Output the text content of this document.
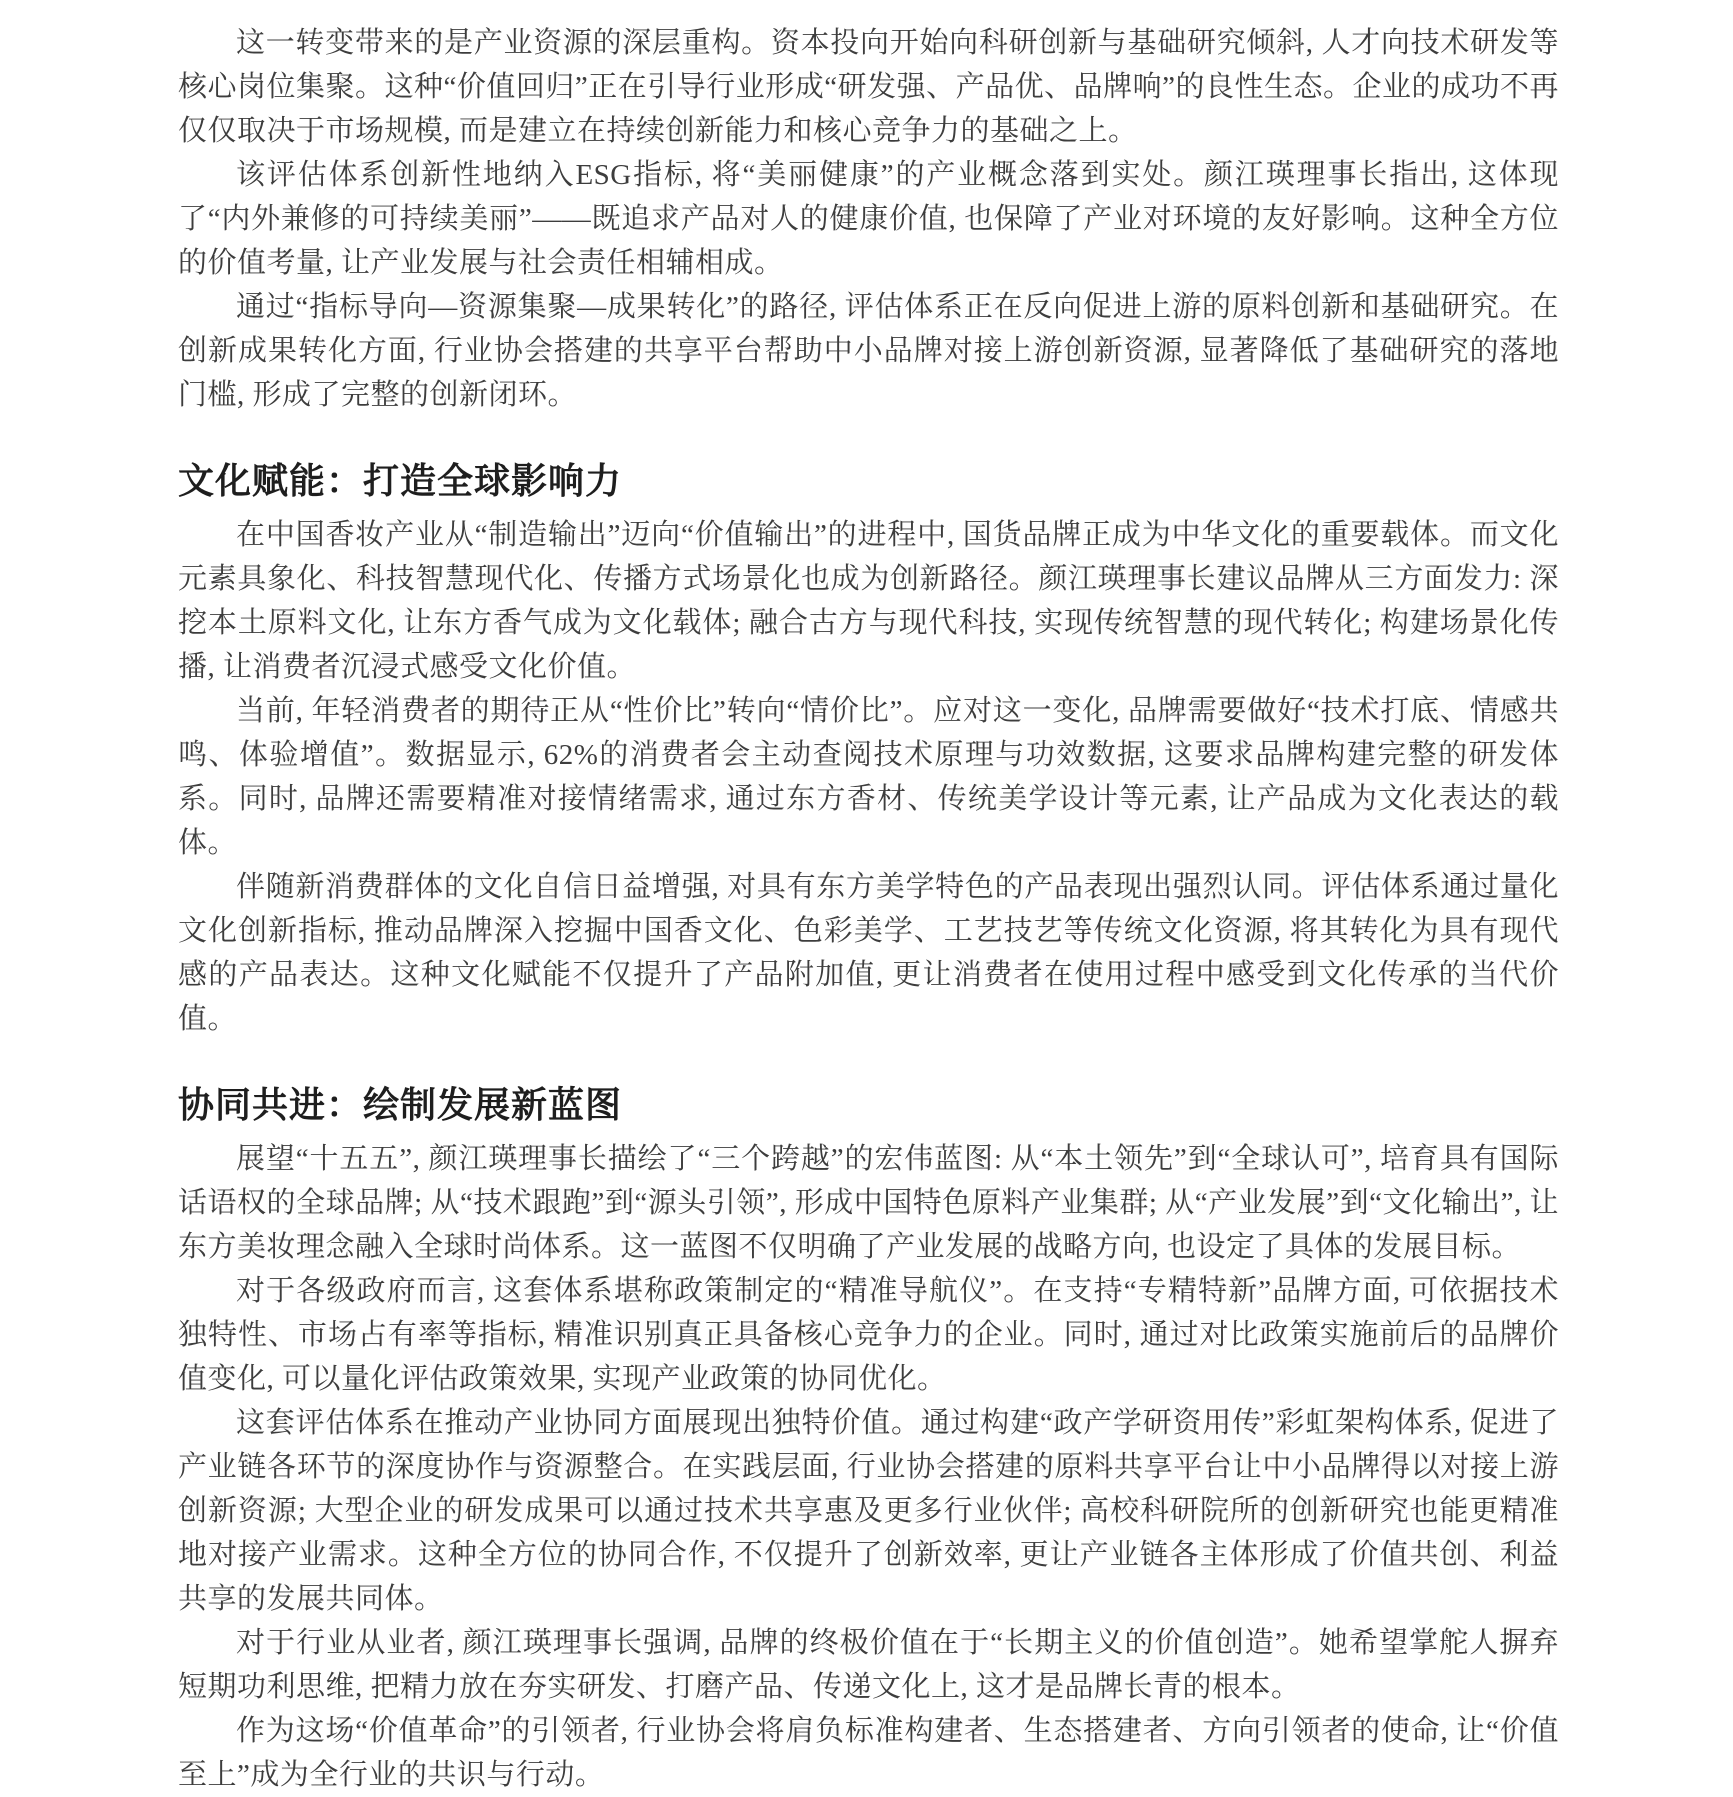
这一转变带来的是产业资源的深层重构。资本投向开始向科研创新与基础研究倾斜, 人才向技术研发等核心岗位集聚。这种“价值回归”正在引导行业形成“研发强、产品优、品牌响”的良性生态。企业的成功不再仅仅取决于市场规模, 而是建立在持续创新能力和核心竞争力的基础之上。

该评估体系创新性地纳入ESG指标, 将“美丽健康”的产业概念落到实处。颜江瑛理事长指出, 这体现了“内外兼修的可持续美丽”——既追求产品对人的健康价值, 也保障了产业对环境的友好影响。这种全方位的价值考量, 让产业发展与社会责任相辅相成。

通过“指标导向—资源集聚—成果转化”的路径, 评估体系正在反向促进上游的原料创新和基础研究。在创新成果转化方面, 行业协会搭建的共享平台帮助中小品牌对接上游创新资源, 显著降低了基础研究的落地门槛, 形成了完整的创新闭环。

文化赋能：打造全球影响力

在中国香妆产业从“制造输出”迈向“价值输出”的进程中, 国货品牌正成为中华文化的重要载体。而文化元素具象化、科技智慧现代化、传播方式场景化也成为创新路径。颜江瑛理事长建议品牌从三方面发力: 深挖本土原料文化, 让东方香气成为文化载体; 融合古方与现代科技, 实现传统智慧的现代转化; 构建场景化传播, 让消费者沉浸式感受文化价值。

当前, 年轻消费者的期待正从“性价比”转向“情价比”。应对这一变化, 品牌需要做好“技术打底、情感共鸣、体验增值”。数据显示, 62%的消费者会主动查阅技术原理与功效数据, 这要求品牌构建完整的研发体系。同时, 品牌还需要精准对接情绪需求, 通过东方香材、传统美学设计等元素, 让产品成为文化表达的载体。

伴随新消费群体的文化自信日益增强, 对具有东方美学特色的产品表现出强烈认同。评估体系通过量化文化创新指标, 推动品牌深入挖掘中国香文化、色彩美学、工艺技艺等传统文化资源, 将其转化为具有现代感的产品表达。这种文化赋能不仅提升了产品附加值, 更让消费者在使用过程中感受到文化传承的当代价值。

协同共进：绘制发展新蓝图

展望“十五五”, 颜江瑛理事长描绘了“三个跨越”的宏伟蓝图: 从“本土领先”到“全球认可”, 培育具有国际话语权的全球品牌; 从“技术跟跑”到“源头引领”, 形成中国特色原料产业集群; 从“产业发展”到“文化输出”, 让东方美妆理念融入全球时尚体系。这一蓝图不仅明确了产业发展的战略方向, 也设定了具体的发展目标。

对于各级政府而言, 这套体系堪称政策制定的“精准导航仪”。在支持“专精特新”品牌方面, 可依据技术独特性、市场占有率等指标, 精准识别真正具备核心竞争力的企业。同时, 通过对比政策实施前后的品牌价值变化, 可以量化评估政策效果, 实现产业政策的协同优化。

这套评估体系在推动产业协同方面展现出独特价值。通过构建“政产学研资用传”彩虹架构体系, 促进了产业链各环节的深度协作与资源整合。在实践层面, 行业协会搭建的原料共享平台让中小品牌得以对接上游创新资源; 大型企业的研发成果可以通过技术共享惠及更多行业伙伴; 高校科研院所的创新研究也能更精准地对接产业需求。这种全方位的协同合作, 不仅提升了创新效率, 更让产业链各主体形成了价值共创、利益共享的发展共同体。

对于行业从业者, 颜江瑛理事长强调, 品牌的终极价值在于“长期主义的价值创造”。她希望掌舵人摒弃短期功利思维, 把精力放在夯实研发、打磨产品、传递文化上, 这才是品牌长青的根本。

作为这场“价值革命”的引领者, 行业协会将肩负标准构建者、生态搭建者、方向引领者的使命, 让“价值至上”成为全行业的共识与行动。
